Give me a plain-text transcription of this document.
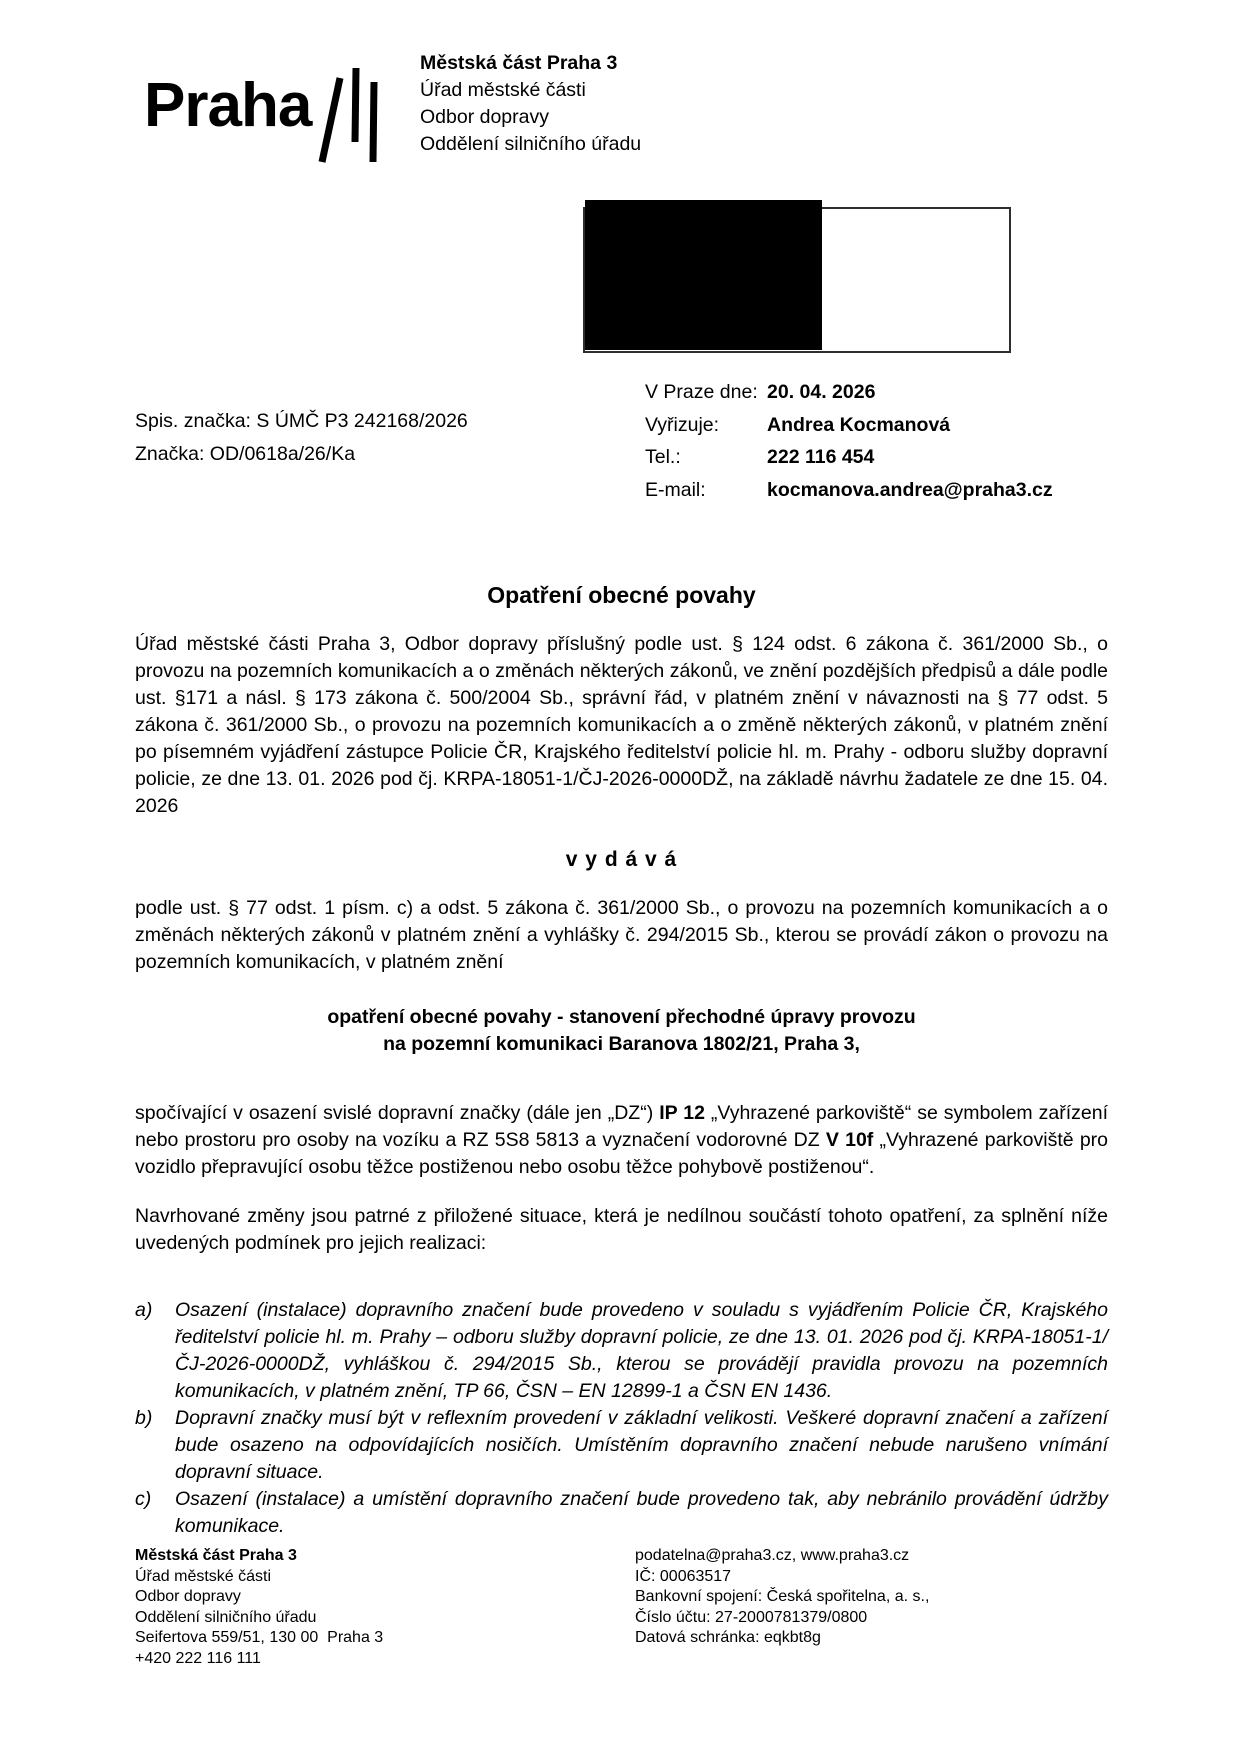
Praha
Městská část Praha 3
Úřad městské části
Odbor dopravy
Oddělení silničního úřadu
Spis. značka: S ÚMČ P3 242168/2026
Značka: OD/0618a/26/Ka
V Praze dne: 20. 04. 2026
Vyřizuje:	Andrea Kocmanová
Tel.:	222 116 454
E-mail:	kocmanova.andrea@praha3.cz
Opatření obecné povahy

Úřad městské části Praha 3, Odbor dopravy příslušný podle ust. § 124 odst. 6 zákona č. 361/2000 Sb., o provozu na pozemních komunikacích a o změnách některých zákonů, ve znění pozdějších předpisů a dále podle ust. §171 a násl. § 173 zákona č. 500/2004 Sb., správní řád, v platném znění v návaznosti na § 77 odst. 5 zákona č. 361/2000 Sb., o provozu na pozemních komunikacích a o změně některých zákonů, v platném znění po písemném vyjádření zástupce Policie ČR, Krajského ředitelství policie hl. m. Prahy - odboru služby dopravní policie, ze dne 13. 01. 2026 pod čj. KRPA-18051-1/ČJ-2026-0000DŽ, na základě návrhu žadatele ze dne 15. 04. 2026

v y d á v á

podle ust. § 77 odst. 1 písm. c) a odst. 5 zákona č. 361/2000 Sb., o provozu na pozemních komunikacích a o změnách některých zákonů v platném znění a vyhlášky č. 294/2015 Sb., kterou se provádí zákon o provozu na pozemních komunikacích, v platném znění

opatření obecné povahy - stanovení přechodné úpravy provozu
na pozemní komunikaci Baranova 1802/21, Praha 3,

spočívající v osazení svislé dopravní značky (dále jen „DZ“) IP 12 „Vyhrazené parkoviště“ se symbolem zařízení nebo prostoru pro osoby na vozíku a RZ 5S8 5813 a vyznačení vodorovné DZ V 10f „Vyhrazené parkoviště pro vozidlo přepravující osobu těžce postiženou nebo osobu těžce pohybově postiženou“.

Navrhované změny jsou patrné z přiložené situace, která je nedílnou součástí tohoto opatření, za splnění níže uvedených podmínek pro jejich realizaci:

a)	Osazení (instalace) dopravního značení bude provedeno v souladu s vyjádřením Policie ČR, Krajského ředitelství policie hl. m. Prahy – odboru služby dopravní policie, ze dne 13. 01. 2026 pod čj. KRPA-18051-1/ČJ-2026-0000DŽ, vyhláškou č. 294/2015 Sb., kterou se provádějí pravidla provozu na pozemních komunikacích, v platném znění, TP 66, ČSN – EN 12899-1 a ČSN EN 1436.
b)	Dopravní značky musí být v reflexním provedení v základní velikosti. Veškeré dopravní značení a zařízení bude osazeno na odpovídajících nosičích. Umístěním dopravního značení nebude narušeno vnímání dopravní situace.
c)	Osazení (instalace) a umístění dopravního značení bude provedeno tak, aby nebránilo provádění údržby komunikace.
Městská část Praha 3
Úřad městské části
Odbor dopravy
Oddělení silničního úřadu
Seifertova 559/51, 130 00  Praha 3
+420 222 116 111
podatelna@praha3.cz, www.praha3.cz
IČ: 00063517
Bankovní spojení: Česká spořitelna, a. s.,
Číslo účtu: 27-2000781379/0800
Datová schránka: eqkbt8g
